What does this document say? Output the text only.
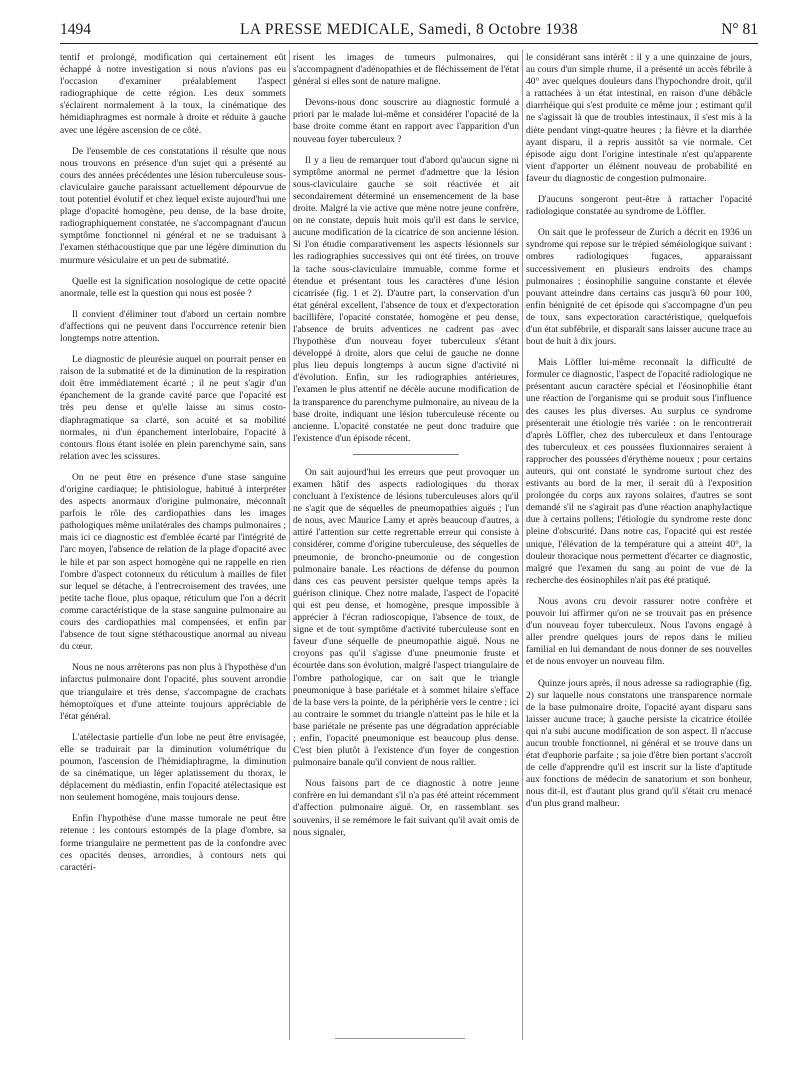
1494	LA PRESSE MEDICALE, Samedi, 8 Octobre 1938	N° 81

tentif et prolongé, modification qui certainement eût échappé à notre investigation si nous n'avions pas eu l'occasion d'examiner préalablement l'aspect radiographique de cette région. Les deux sommets s'éclairent normalement à la toux, la cinématique des hémidiaphragmes est normale à droite et réduite à gauche avec une légère ascension de ce côté.

De l'ensemble de ces constatations il résulte que nous nous trouvons en présence d'un sujet qui a présenté au cours des années précédentes une lésion tuberculeuse sous-claviculaire gauche paraissant actuellement dépourvue de tout potentiel évolutif et chez lequel existe aujourd'hui une plage d'opacité homogène, peu dense, de la base droite, radiographiquement constatée, ne s'accompagnant d'aucun symptôme fonctionnel ni général et ne se traduisant à l'examen stéthacoustique que par une légère diminution du murmure vésiculaire et un peu de submatité.

Quelle est la signification nosologique de cette opacité anormale, telle est la question qui nous est posée ?

Il convient d'éliminer tout d'abord un certain nombre d'affections qui ne peuvent dans l'occurrence retenir bien longtemps notre attention.

Le diagnostic de pleurésie auquel on pourrait penser en raison de la submatité et de la diminution de la respiration doit être immédiatement écarté ; il ne peut s'agir d'un épanchement de la grande cavité parce que l'opacité est très peu dense et qu'elle laisse au sinus costo-diaphragmatique sa clarté, son acuité et sa mobilité normales, ni d'un épanchement interlobaire, l'opacité à contours flous étant isolée en plein parenchyme sain, sans relation avec les scissures.

On ne peut être en présence d'une stase sanguine d'origine cardiaque; le phtisiologue, habitué à interpréter des aspects anormaux d'origine pulmonaire, méconnaît parfois le rôle des cardiopathies dans les images pathologiques même unilatérales des champs pulmonaires ; mais ici ce diagnostic est d'emblée écarté par l'intégrité de l'arc moyen, l'absence de relation de la plage d'opacité avec le hile et par son aspect homogène qui ne rappelle en rien l'ombre d'aspect cotonneux du réticulum à mailles de filet sur lequel se détache, à l'entrecroisement des travées, une petite tache floue, plus opaque, réticulum que l'on a décrit comme caractéristique de la stase sanguine pulmonaire au cours des cardiopathies mal compensées, et enfin par l'absence de tout signe stéthacoustique anormal au niveau du cœur.

Nous ne nous arrêterons pas non plus à l'hypothèse d'un infarctus pulmonaire dont l'opacité, plus souvent arrondie que triangulaire et très dense, s'accompagne de crachats hémoptoïques et d'une atteinte toujours appréciable de l'état général.

L'atélectasie partielle d'un lobe ne peut être envisagée, elle se traduirait par la diminution volumétrique du poumon, l'ascension de l'hémidiaphragme, la diminution de sa cinématique, un léger aplatissement du thorax, le déplacement du médiastin, enfin l'opacité atélectasique est non seulement homogène, mais toujours dense.

Enfin l'hypothèse d'une masse tumorale ne peut être retenue : les contours estompés de la plage d'ombre, sa forme triangulaire ne permettent pas de la confondre avec ces opacités denses, arrondies, à contours nets qui caractéri-

risent les images de tumeurs pulmonaires, qui s'accompagnent d'adénopathies et de fléchissement de l'état général si elles sont de nature maligne.

Devons-nous donc souscrire au diagnostic formulé a priori par le malade lui-même et considérer l'opacité de la base droite comme étant en rapport avec l'apparition d'un nouveau foyer tuberculeux ?

Il y a lieu de remarquer tout d'abord qu'aucun signe ni symptôme anormal ne permet d'admettre que la lésion sous-claviculaire gauche se soit réactivée et ait secondairement déterminé un ensemencement de la base droite. Malgré la vie active que mène notre jeune confrère, on ne constate, depuis huit mois qu'il est dans le service, aucune modification de la cicatrice de son ancienne lésion. Si l'on étudie comparativement les aspects lésionnels sur les radiographies successives qui ont été tirées, on trouve la tache sous-claviculaire immuable, comme forme et étendue et présentant tous les caractères d'une lésion cicatrisée (fig. 1 et 2). D'autre part, la conservation d'un état général excellent, l'absence de toux et d'expectoration bacillifère, l'opacité constatée, homogène et peu dense, l'absence de bruits adventices ne cadrent pas avec l'hypothèse d'un nouveau foyer tuberculeux s'étant développé à droite, alors que celui de gauche ne donne plus lieu depuis longtemps à aucun signe d'activité ni d'évolution. Enfin, sur les radiographies antérieures, l'examen le plus attentif ne décèle aucune modification de la transparence du parenchyme pulmonaire, au niveau de la base droite, indiquant une lésion tuberculeuse récente ou ancienne. L'opacité constatée ne peut donc traduire que l'existence d'un épisode récent.

On sait aujourd'hui les erreurs que peut provoquer un examen hâtif des aspects radiologiques du thorax concluant à l'existence de lésions tuberculeuses alors qu'il ne s'agit que de séquelles de pneumopathies aiguës ; l'un de nous, avec Maurice Lamy et après beaucoup d'autres, a attiré l'attention sur cette regrettable erreur qui consiste à considérer, comme d'origine tuberculeuse, des séquelles de pneumonie, de broncho-pneumonie ou de congestion pulmonaire banale. Les réactions de défense du poumon dans ces cas peuvent persister quelque temps après la guérison clinique. Chez notre malade, l'aspect de l'opacité qui est peu dense, et homogène, presque impossible à apprécier à l'écran radioscopique, l'absence de toux, de signe et de tout symptôme d'activité tuberculeuse sont en faveur d'une séquelle de pneumopathie aiguë. Nous ne croyons pas qu'il s'agisse d'une pneumonie fruste et écourtée dans son évolution, malgré l'aspect triangulaire de l'ombre pathologique, car on sait que le triangle pneumonique à base pariétale et à sommet hilaire s'efface de la base vers la pointe, de la périphérie vers le centre ; ici au contraire le sommet du triangle n'atteint pas le hile et la base pariétale ne présente pas une dégradation appréciable ; enfin, l'opacité pneumonique est beaucoup plus dense. C'est bien plutôt à l'existence d'un foyer de congestion pulmonaire banale qu'il convient de nous rallier.

Nous faisons part de ce diagnostic à notre jeune confrère en lui demandant s'il n'a pas été atteint récemment d'affection pulmonaire aiguë. Or, en rassemblant ses souvenirs, il se remémore le fait suivant qu'il avait omis de nous signaler,

le considérant sans intérêt : il y a une quinzaine de jours, au cours d'un simple rhume, il a présenté un accès fébrile à 40° avec quelques douleurs dans l'hypochondre droit, qu'il a rattachées à un état intestinal, en raison d'une débâcle diarrhéique qui s'est produite ce même jour ; estimant qu'il ne s'agissait là que de troubles intestinaux, il s'est mis à la diète pendant vingt-quatre heures ; la fièvre et la diarrhée ayant disparu, il a repris aussitôt sa vie normale. Cet épisode aigu dont l'origine intestinale n'est qu'apparente vient d'apporter un élément nouveau de probabilité en faveur du diagnostic de congestion pulmonaire.

D'aucuns songeront peut-être à rattacher l'opacité radiologique constatée au syndrome de Löffler.

On sait que le professeur de Zurich a décrit en 1936 un syndrome qui repose sur le trépied séméiologique suivant : ombres radiologiques fugaces, apparaissant successivement en plusieurs endroits des champs pulmonaires ; éosinophilie sanguine constante et élevée pouvant atteindre dans certains cas jusqu'à 60 pour 100, enfin bénignité de cet épisode qui s'accompagne d'un peu de toux, sans expectoration caractéristique, quelquefois d'un état subfébrile, et disparaît sans laisser aucune trace au bout de huit à dix jours.

Mais Löffler lui-même reconnaît la difficulté de formuler ce diagnostic, l'aspect de l'opacité radiologique ne présentant aucun caractère spécial et l'éosinophilie étant une réaction de l'organisme qui se produit sous l'influence des causes les plus diverses. Au surplus ce syndrome présenterait une étiologie très variée : on le rencontrerait d'après Löffler, chez des tuberculeux et dans l'entourage des tuberculeux et ces poussées fluxionnaires seraient à rapprocher des poussées d'érythème noueux ; pour certains auteurs, qui ont constaté le syndrome surtout chez des estivants au bord de la mer, il serait dû à l'exposition prolongée du corps aux rayons solaires, d'autres se sont demandé s'il ne s'agirait pas d'une réaction anaphylactique due à certains pollens; l'étiologie du syndrome reste donc pleine d'obscurité. Dans notre cas, l'opacité qui est restée unique, l'élévation de la température qui a atteint 40°, la douleur thoracique nous permettent d'écarter ce diagnostic, malgré que l'examen du sang au point de vue de la recherche des éosinophiles n'ait pas été pratiqué.

Nous avons cru devoir rassurer notre confrère et pouvoir lui affirmer qu'on ne se trouvait pas en présence d'un nouveau foyer tuberculeux. Nous l'avons engagé à aller prendre quelques jours de repos dans le milieu familial en lui demandant de nous donner de ses nouvelles et de nous envoyer un nouveau film.

Quinze jours après, il nous adresse sa radiographie (fig. 2) sur laquelle nous constatons une transparence normale de la base pulmonaire droite, l'opacité ayant disparu sans laisser aucune trace; à gauche persiste la cicatrice étoilée qui n'a subi aucune modification de son aspect. Il n'accuse aucun trouble fonctionnel, ni général et se trouve dans un état d'euphorie parfaite ; sa joie d'être bien portant s'accroît de celle d'apprendre qu'il est inscrit sur la liste d'aptitude aux fonctions de médecin de sanatorium et son bonheur, nous dit-il, est d'autant plus grand qu'il s'était cru menacé d'un plus grand malheur.
